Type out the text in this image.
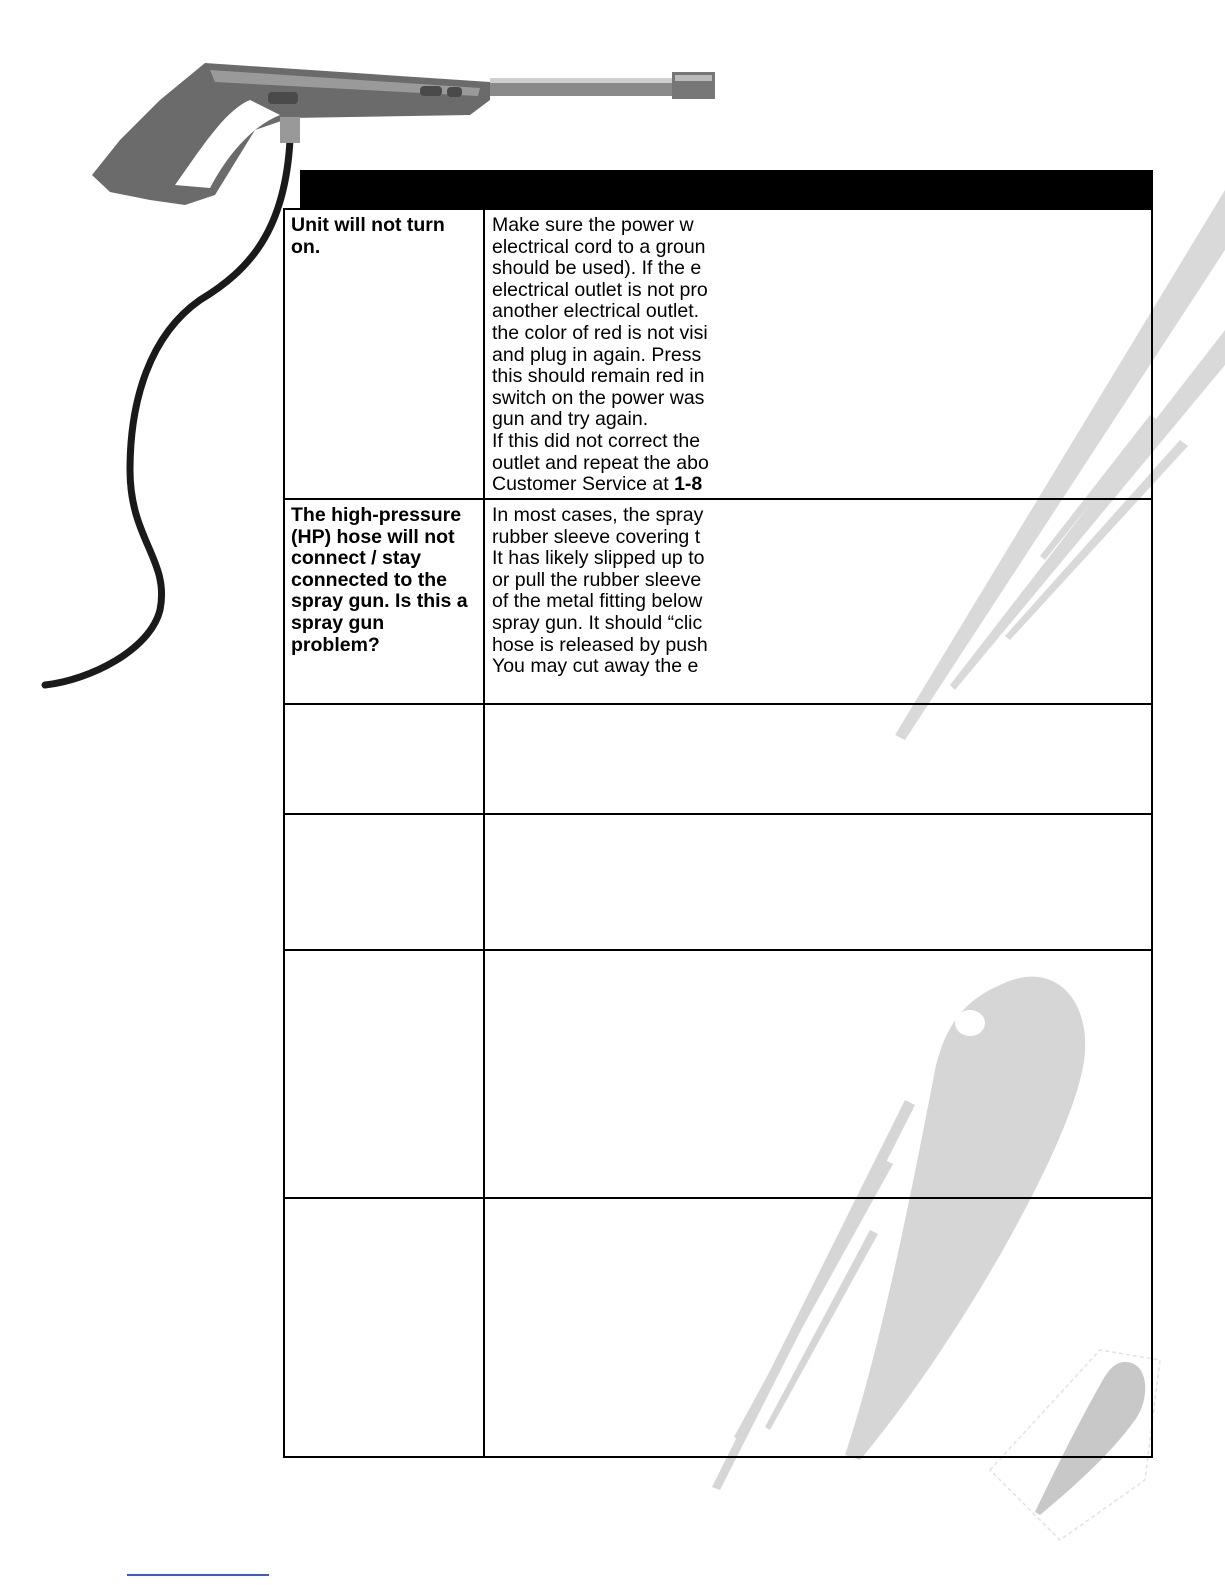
Unit will not turn on.
Make sure the power w
electrical cord to a groun
should be used). If the e
electrical outlet is not pro
another electrical outlet.
the color of red is not visi
and plug in again. Press
this should remain red in
switch on the power was
gun and try again.
If this did not correct the
outlet and repeat the abo
Customer Service at 1-8
The high-pressure (HP) hose will not connect / stay connected to the spray gun. Is this a spray gun problem?
In most cases, the spray
rubber sleeve covering t
It has likely slipped up to
or pull the rubber sleeve
of the metal fitting below
spray gun. It should “clic
hose is released by push
You may cut away the e
